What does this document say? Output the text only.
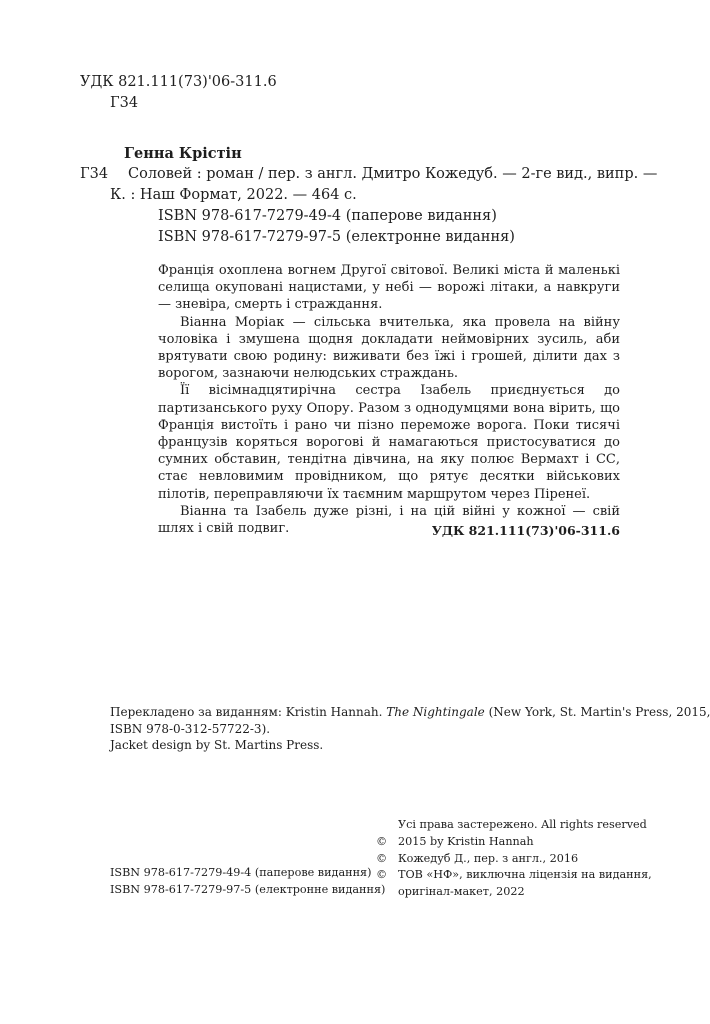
УДК 821.111(73)'06-311.6
Г34
Генна Крістін
Г34 Соловей : роман / пер. з англ. Дмитро Кожедуб. — 2-ге вид., випр. —
К. : Наш Формат, 2022. — 464 с.
ISBN 978-617-7279-49-4 (паперове видання)
ISBN 978-617-7279-97-5 (електронне видання)

Франція охоплена вогнем Другої світової. Великі міста й маленькі селища окуповані нацистами, у небі — ворожі літаки, а навкруги — зневіра, смерть і страждання.

Віанна Моріак — сільська вчителька, яка провела на війну чоловіка і змушена щодня докладати неймовірних зусиль, аби врятувати свою родину: виживати без їжі і грошей, ділити дах з ворогом, зазнаючи нелюдських страждань.

Її вісімнадцятирічна сестра Ізабель приєднується до партизанського руху Опору. Разом з однодумцями вона вірить, що Франція вистоїть і рано чи пізно переможе ворога. Поки тисячі французів коряться ворогові й намагаються пристосуватися до сумних обставин, тендітна дівчина, на яку полює Вермахт і СС, стає невловимим провідником, що рятує десятки військових пілотів, переправляючи їх таємним маршрутом через Піренеї.

Віанна та Ізабель дуже різні, і на цій війні у кожної — свій шлях і свій подвиг.	УДК 821.111(73)'06-311.6
Перекладено за виданням: Kristin Hannah. The Nightingale (New York, St. Martin's Press, 2015,
ISBN 978-0-312-57722-3).
Jacket design by St. Martins Press.
Усі права застережено. All rights reserved
© 2015 by Kristin Hannah
© Кожедуб Д., пер. з англ., 2016
© ТОВ «НФ», виключна ліцензія на видання,
оригінал-макет, 2022
ISBN 978-617-7279-49-4 (паперове видання)
ISBN 978-617-7279-97-5 (електронне видання)
